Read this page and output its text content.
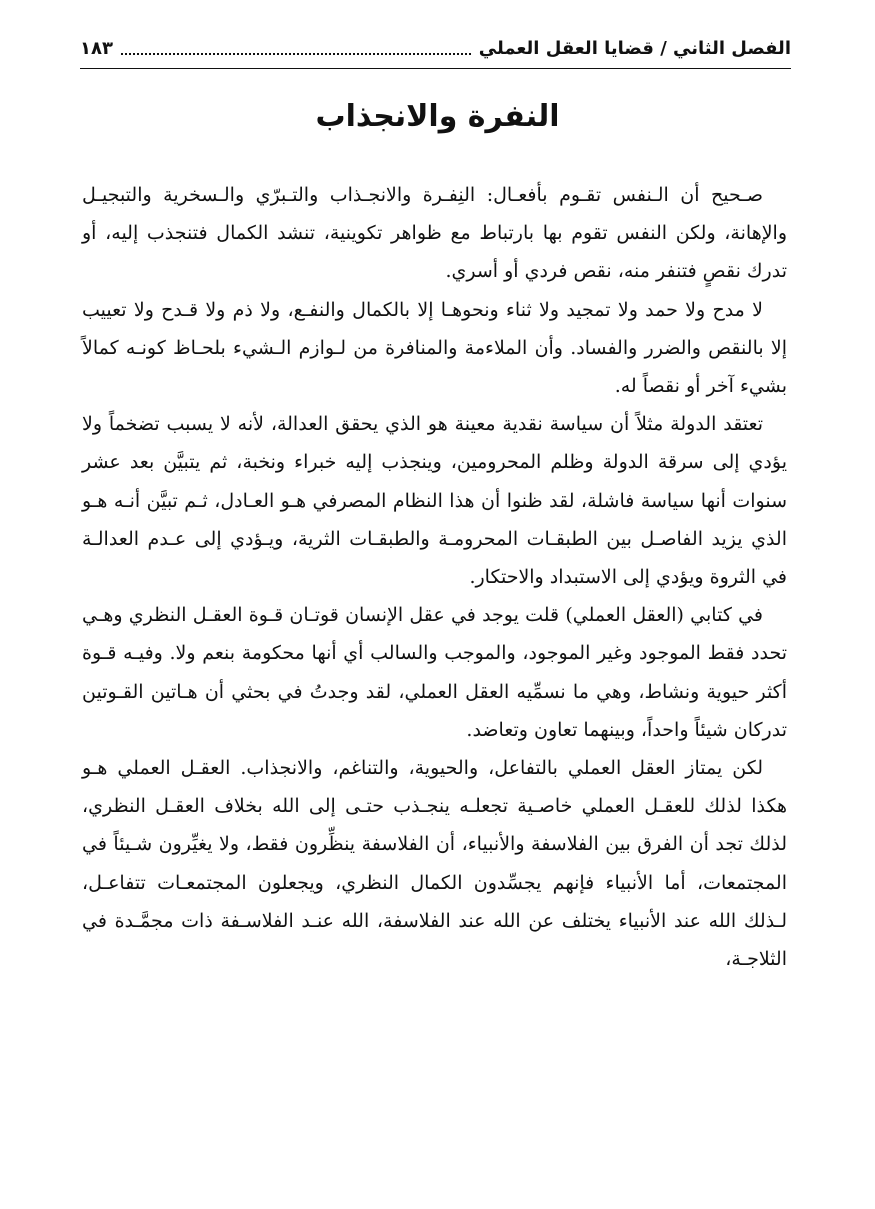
الفصل الثاني / قضايا العقل العملي
١٨٣
النفرة والانجذاب

صـحيح أن الـنفس تقـوم بأفعـال: النِفـرة والانجـذاب والتـبرّي والـسخرية والتبجيـل والإهانة، ولكن النفس تقوم بها بارتباط مع ظواهر تكوينية، تنشد الكمال فتنجذب إليه، أو تدرك نقصٍ فتنفر منه، نقص فردي أو أسري.

لا مدح ولا حمد ولا تمجيد ولا ثناء ونحوهـا إلا بالكمال والنفـع، ولا ذم ولا قـدح ولا تعييب إلا بالنقص والضرر والفساد. وأن الملاءمة والمنافرة من لـوازم الـشيء بلحـاظ كونـه كمالاً بشيء آخر أو نقصاً له.

تعتقد الدولة مثلاً أن سياسة نقدية معينة هو الذي يحقق العدالة، لأنه لا يسبب تضخماً ولا يؤدي إلى سرقة الدولة وظلم المحرومين، وينجذب إليه خبراء ونخبة، ثم يتبيَّن بعد عشر سنوات أنها سياسة فاشلة، لقد ظنوا أن هذا النظام المصرفي هـو العـادل، ثـم تبيَّن أنـه هـو الذي يزيد الفاصـل بين الطبقـات المحرومـة والطبقـات الثرية، ويـؤدي إلى عـدم العدالـة في الثروة ويؤدي إلى الاستبداد والاحتكار.

في كتابي (العقل العملي) قلت يوجد في عقل الإنسان قوتـان قـوة العقـل النظري وهـي تحدد فقط الموجود وغير الموجود، والموجب والسالب أي أنها محكومة بنعم ولا. وفيـه قـوة أكثر حيوية ونشاط، وهي ما نسمِّيه العقل العملي، لقد وجدتُ في بحثي أن هـاتين القـوتين تدركان شيئاً واحداً، وبينهما تعاون وتعاضد.

لكن يمتاز العقل العملي بالتفاعل، والحيوية، والتناغم، والانجذاب. العقـل العملي هـو هكذا لذلك للعقـل العملي خاصـية تجعلـه ينجـذب حتـى إلى الله بخلاف العقـل النظري، لذلك تجد أن الفرق بين الفلاسفة والأنبياء، أن الفلاسفة ينظِّرون فقط، ولا يغيِّرون شـيئاً في المجتمعات، أما الأنبياء فإنهم يجسِّدون الكمال النظري، ويجعلون المجتمعـات تتفاعـل، لـذلك الله عند الأنبياء يختلف عن الله عند الفلاسفة، الله عنـد الفلاسـفة ذات مجمَّـدة في الثلاجـة،
